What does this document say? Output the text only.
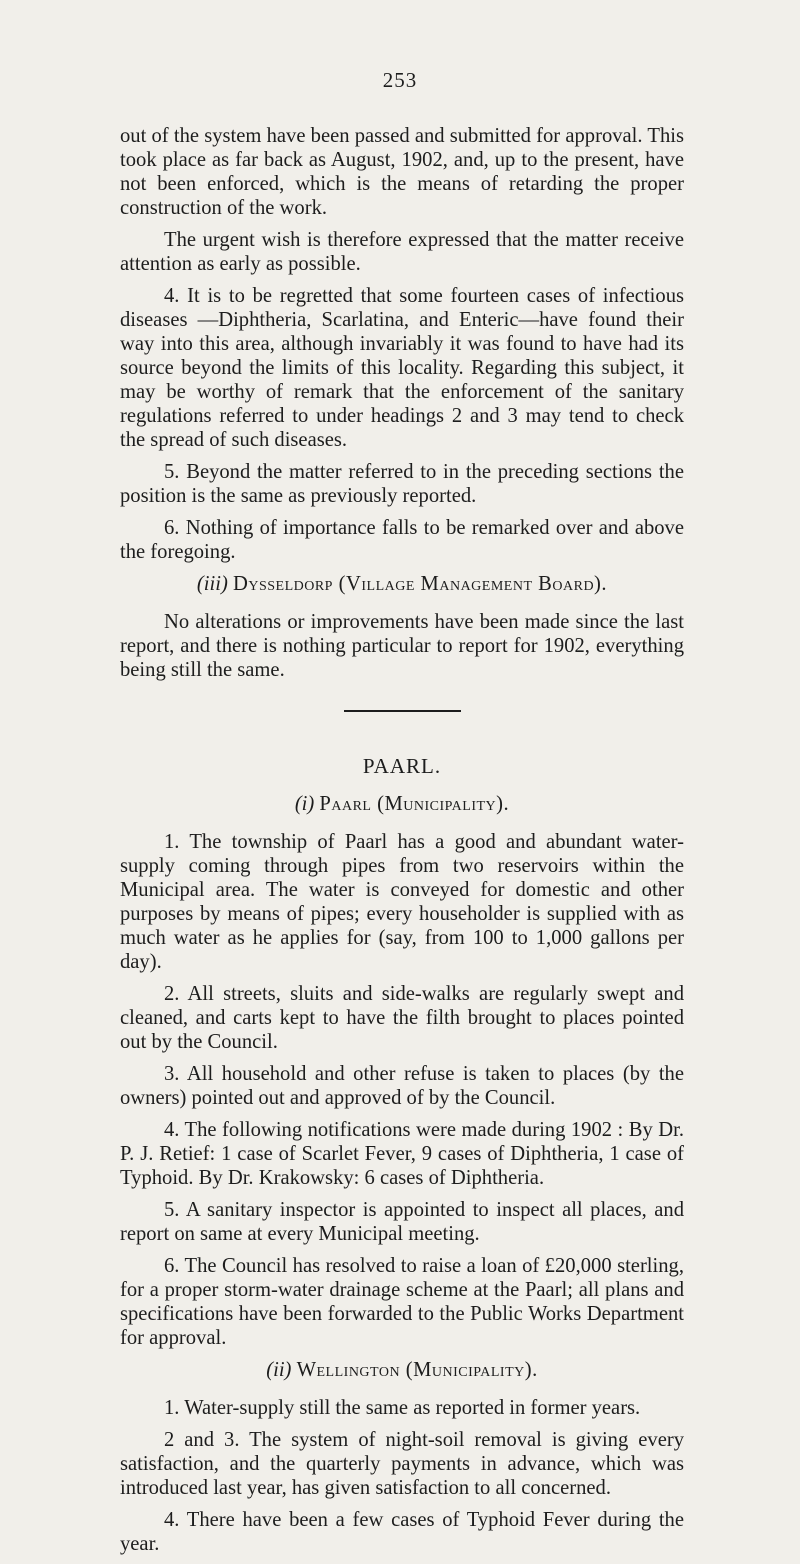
253

out of the system have been passed and submitted for approval. This took place as far back as August, 1902, and, up to the present, have not been enforced, which is the means of retarding the proper construction of the work.

The urgent wish is therefore expressed that the matter receive attention as early as possible.

4. It is to be regretted that some fourteen cases of infectious diseases —Diphtheria, Scarlatina, and Enteric—have found their way into this area, although invariably it was found to have had its source beyond the limits of this locality. Regarding this subject, it may be worthy of remark that the enforcement of the sanitary regulations referred to under headings 2 and 3 may tend to check the spread of such diseases.

5. Beyond the matter referred to in the preceding sections the position is the same as previously reported.

6. Nothing of importance falls to be remarked over and above the foregoing.

(iii) Dysseldorp (Village Management Board).

No alterations or improvements have been made since the last report, and there is nothing particular to report for 1902, everything being still the same.

PAARL.
(i) Paarl (Municipality).

1. The township of Paarl has a good and abundant water-supply coming through pipes from two reservoirs within the Municipal area. The water is conveyed for domestic and other purposes by means of pipes; every householder is supplied with as much water as he applies for (say, from 100 to 1,000 gallons per day).

2. All streets, sluits and side-walks are regularly swept and cleaned, and carts kept to have the filth brought to places pointed out by the Council.

3. All household and other refuse is taken to places (by the owners) pointed out and approved of by the Council.

4. The following notifications were made during 1902 : By Dr. P. J. Retief: 1 case of Scarlet Fever, 9 cases of Diphtheria, 1 case of Typhoid. By Dr. Krakowsky: 6 cases of Diphtheria.

5. A sanitary inspector is appointed to inspect all places, and report on same at every Municipal meeting.

6. The Council has resolved to raise a loan of £20,000 sterling, for a proper storm-water drainage scheme at the Paarl; all plans and specifications have been forwarded to the Public Works Department for approval.

(ii) Wellington (Municipality).

1. Water-supply still the same as reported in former years.

2 and 3. The system of night-soil removal is giving every satisfaction, and the quarterly payments in advance, which was introduced last year, has given satisfaction to all concerned.

4. There have been a few cases of Typhoid Fever during the year.
